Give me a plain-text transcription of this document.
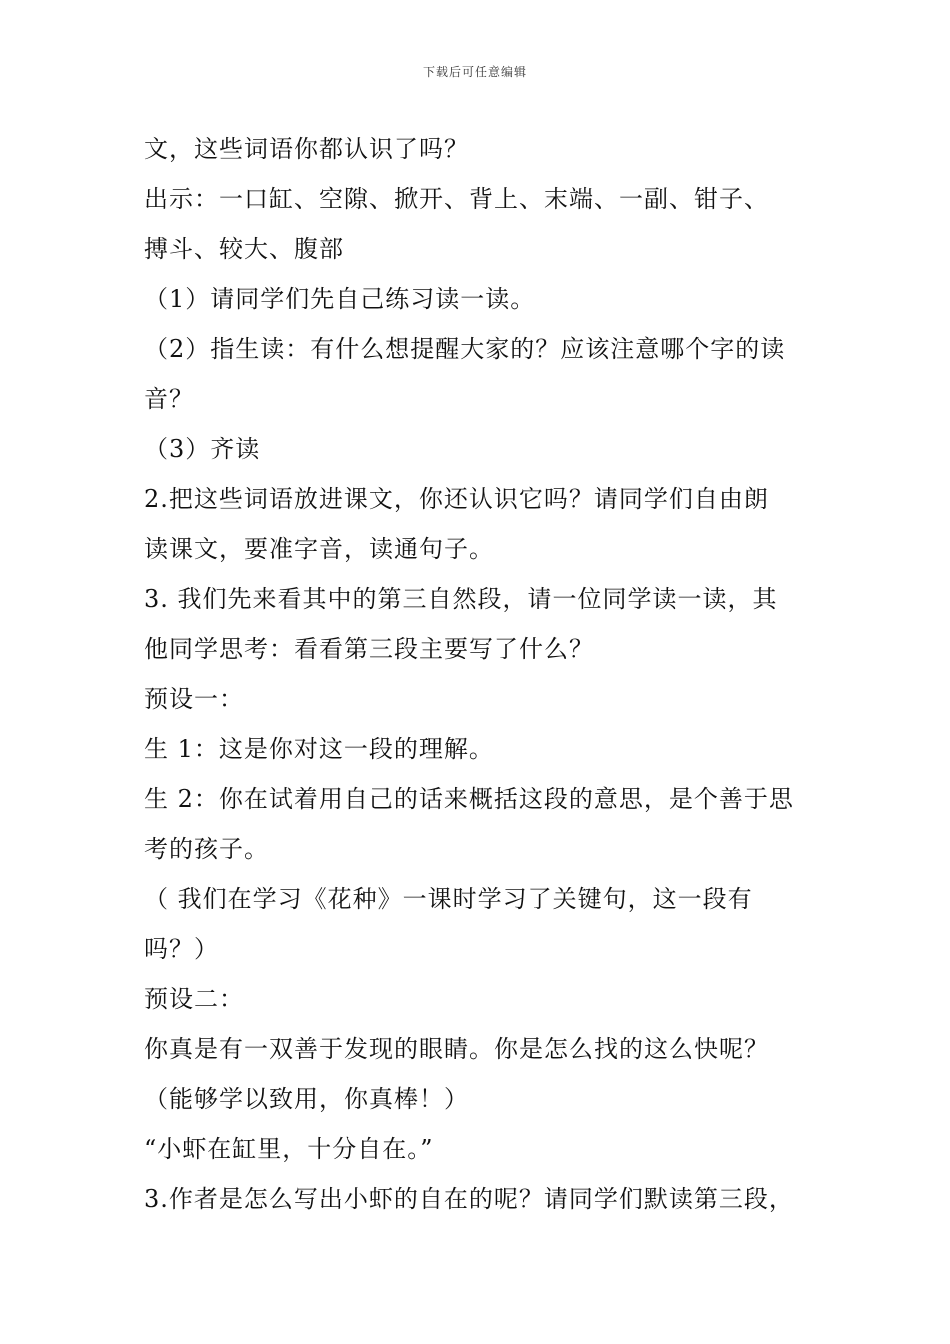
下载后可任意编辑
文，这些词语你都认识了吗？
出示：一口缸、空隙、掀开、背上、末端、一副、钳子、
搏斗、较大、腹部
（1）请同学们先自己练习读一读。
（2）指生读：有什么想提醒大家的？应该注意哪个字的读
音？
（3）齐读
2.把这些词语放进课文，你还认识它吗？请同学们自由朗
读课文，要准字音，读通句子。
3. 我们先来看其中的第三自然段，请一位同学读一读，其
他同学思考：看看第三段主要写了什么？
预设一：
生 1：这是你对这一段的理解。
生 2：你在试着用自己的话来概括这段的意思，是个善于思
考的孩子。
（ 我们在学习《花种》一课时学习了关键句，这一段有
吗？）
预设二：
你真是有一双善于发现的眼睛。你是怎么找的这么快呢？
（能够学以致用，你真棒！）
“小虾在缸里，十分自在。”
3.作者是怎么写出小虾的自在的呢？请同学们默读第三段，
